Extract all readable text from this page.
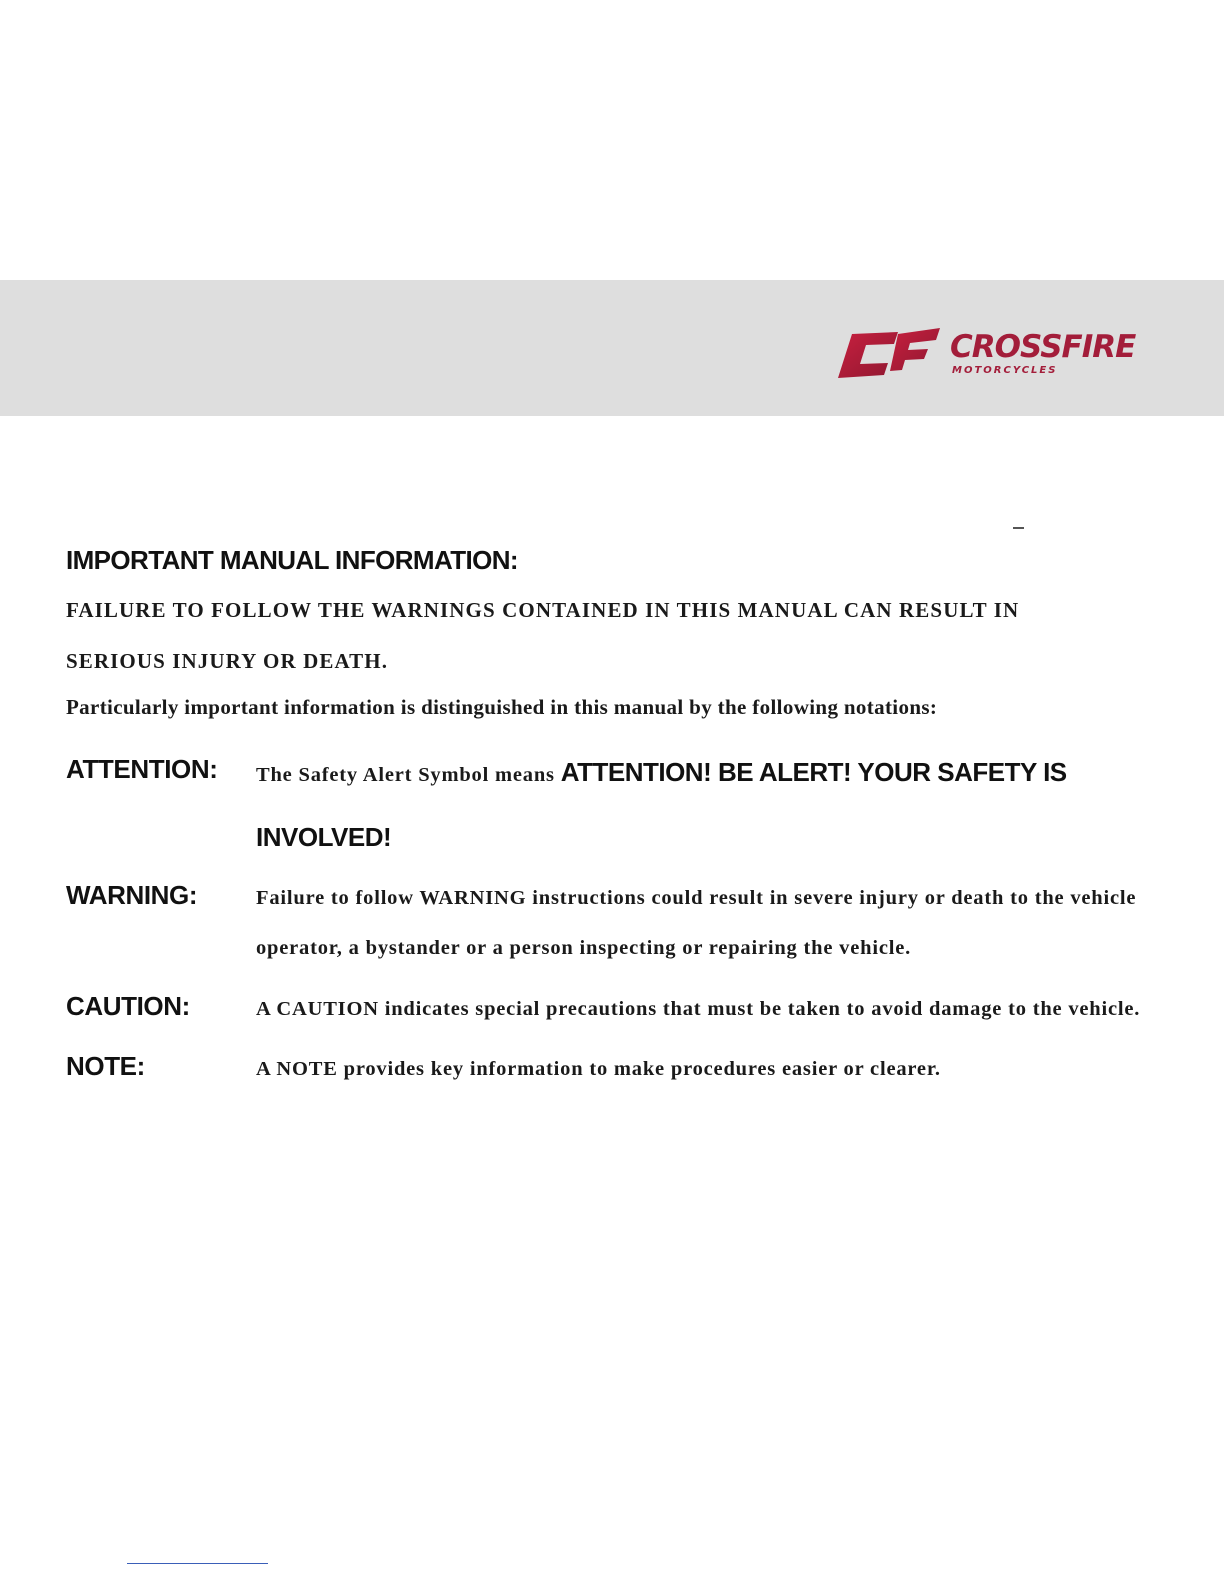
CROSSFIRE
MOTORCYCLES
IMPORTANT MANUAL INFORMATION:
FAILURE TO FOLLOW THE WARNINGS CONTAINED IN THIS MANUAL CAN RESULT IN
SERIOUS INJURY OR DEATH.

Particularly important information is distinguished in this manual by the following notations:

ATTENTION:	The Safety Alert Symbol means ATTENTION! BE ALERT! YOUR SAFETY IS INVOLVED!
WARNING:	Failure to follow WARNING instructions could result in severe injury or death to the vehicle operator, a bystander or a person inspecting or repairing the vehicle.
CAUTION:	A CAUTION indicates special precautions that must be taken to avoid damage to the vehicle.
NOTE:	A NOTE provides key information to make procedures easier or clearer.
